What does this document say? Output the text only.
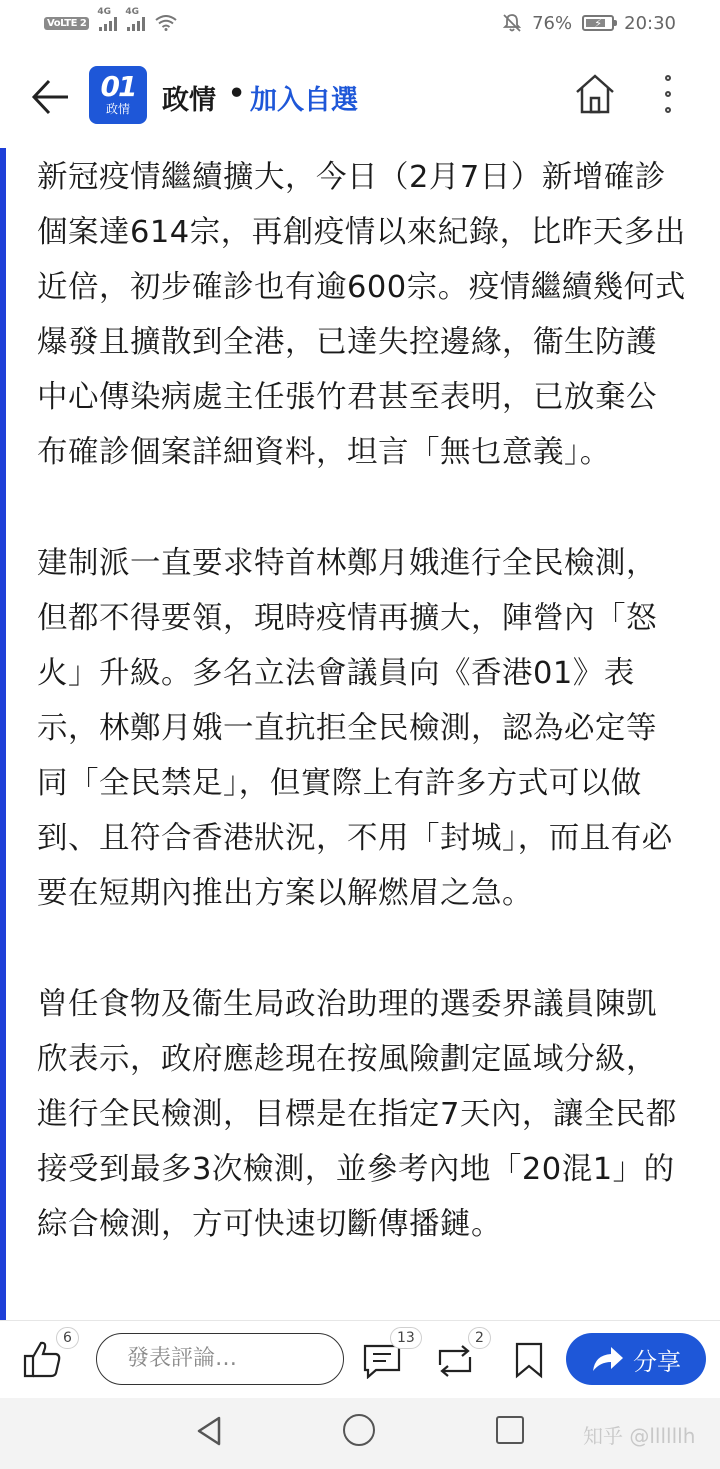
VoLTE 2
4G 4G
76% ⚡ 20:30
01
政情 政情 • 加入自選

新冠疫情繼續擴大，今日（2月7日）新增確診個案達614宗，再創疫情以來紀錄，比昨天多出近倍，初步確診也有逾600宗。疫情繼續幾何式爆發且擴散到全港，已達失控邊緣，衞生防護中心傳染病處主任張竹君甚至表明，已放棄公布確診個案詳細資料，坦言「無乜意義」。

建制派一直要求特首林鄭月娥進行全民檢測，但都不得要領，現時疫情再擴大，陣營內「怒火」升級。多名立法會議員向《香港01》表示，林鄭月娥一直抗拒全民檢測，認為必定等同「全民禁足」，但實際上有許多方式可以做到、且符合香港狀況，不用「封城」，而且有必要在短期內推出方案以解燃眉之急。

曾任食物及衞生局政治助理的選委界議員陳凱欣表示，政府應趁現在按風險劃定區域分級，進行全民檢測，目標是在指定7天內，讓全民都接受到最多3次檢測，並參考內地「20混1」的綜合檢測，方可快速切斷傳播鏈。

6
發表評論…
13	2
分享
知乎 @llllllh
